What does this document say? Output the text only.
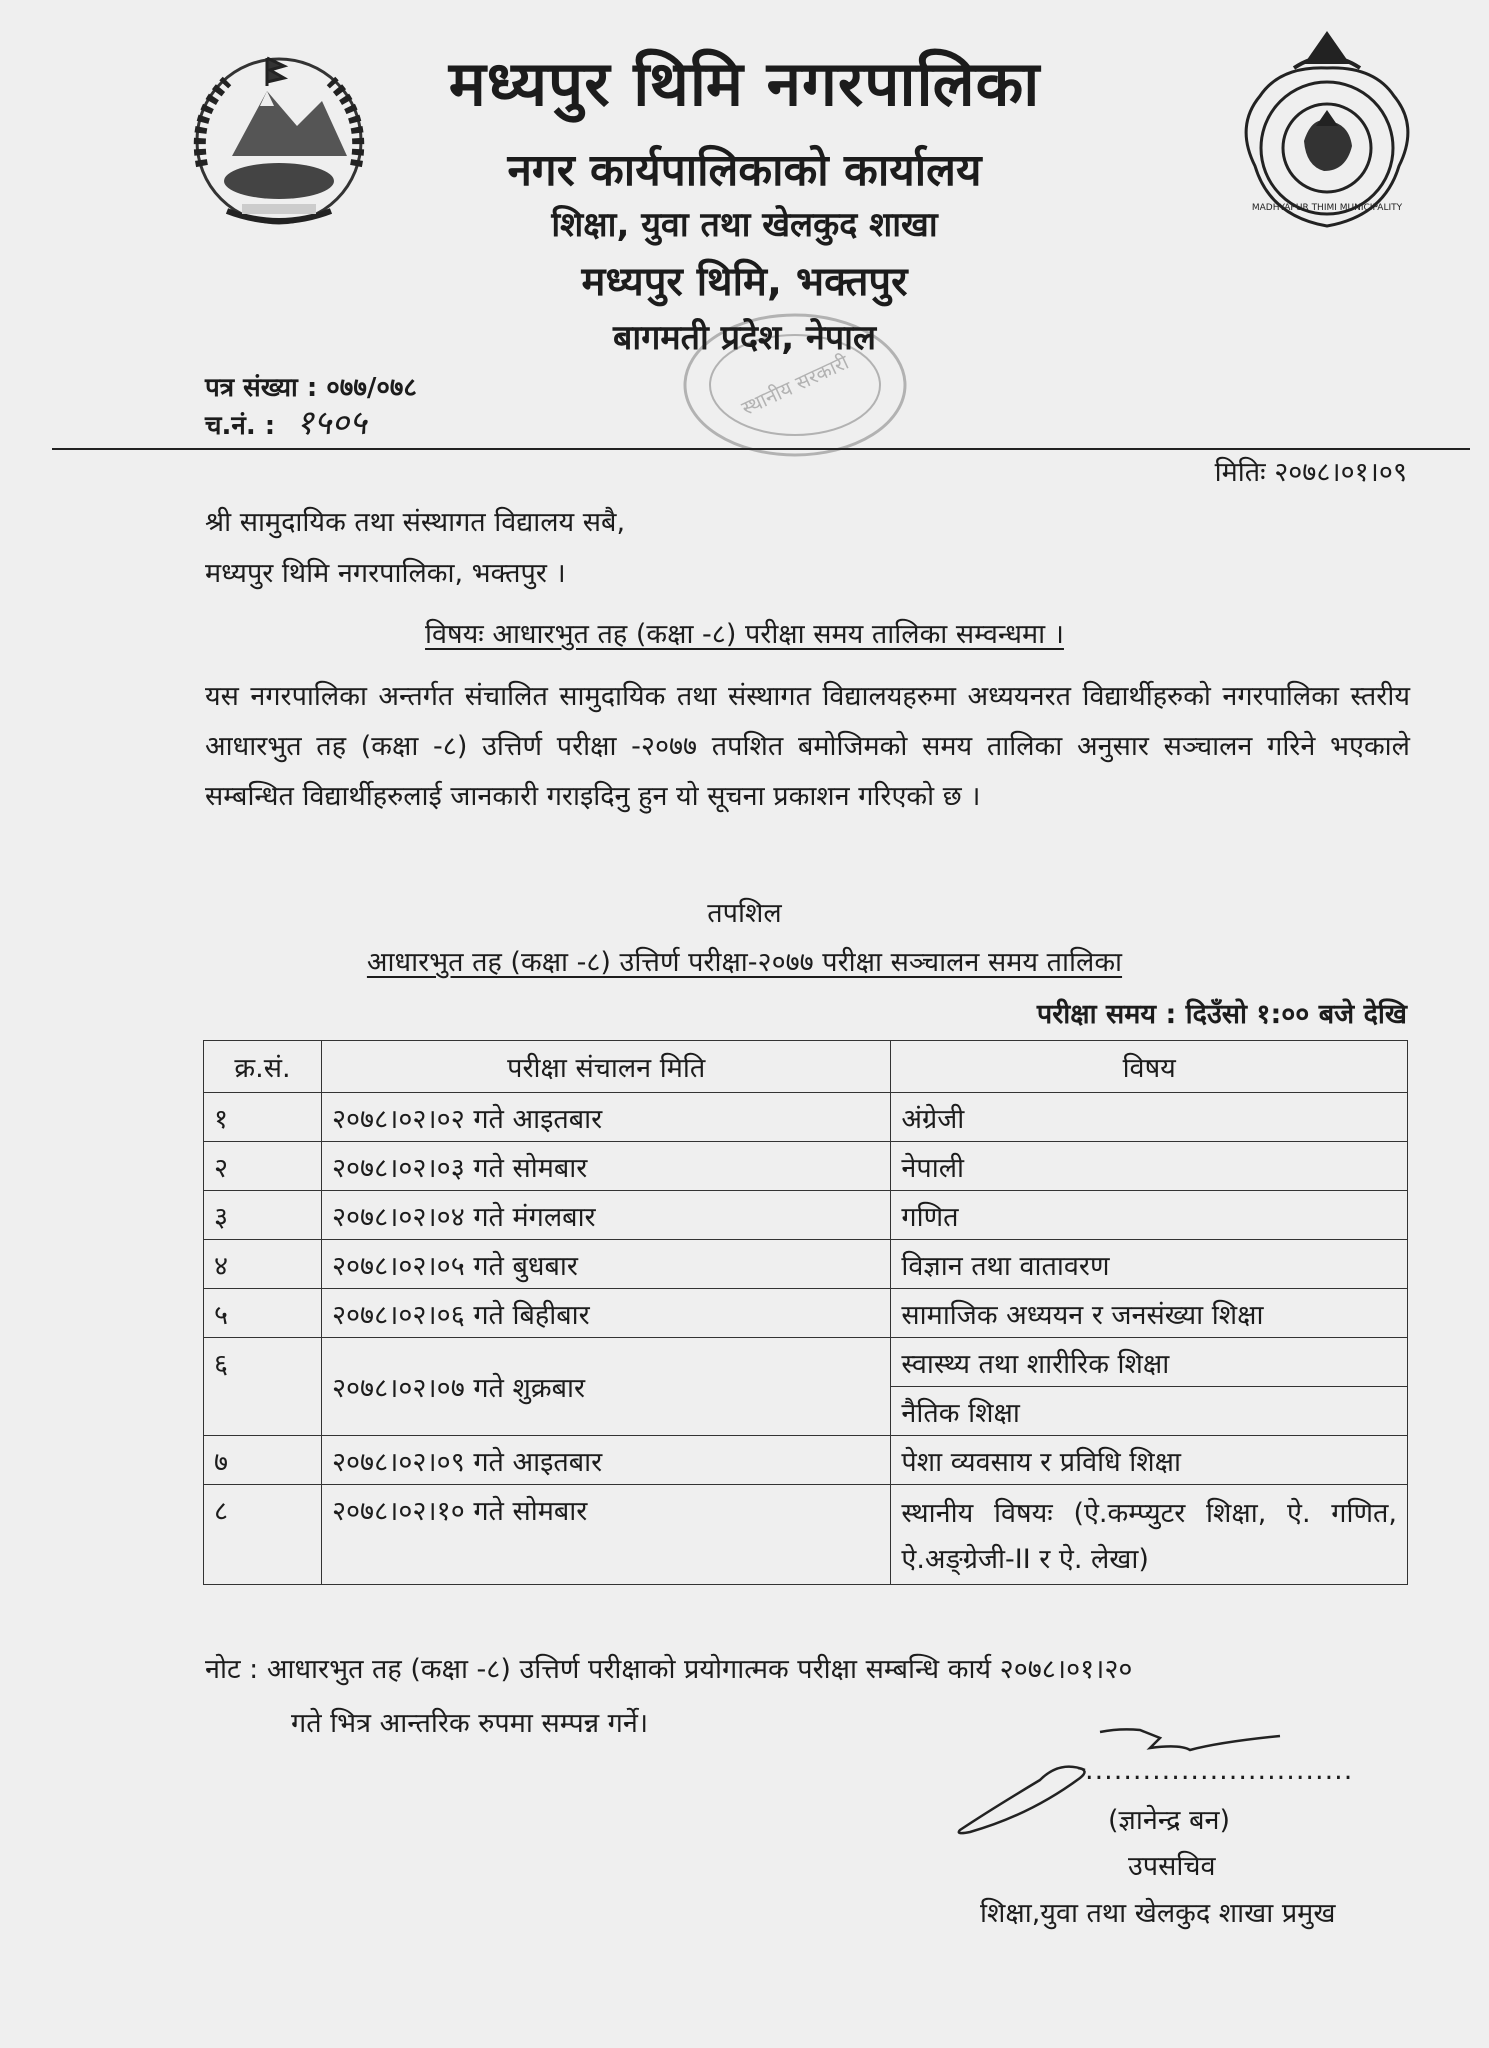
MADHYAPUR THIMI MUNICIPALITY
स्थानीय सरकारी
मध्यपुर थिमि नगरपालिका
नगर कार्यपालिकाको कार्यालय
शिक्षा, युवा तथा खेलकुद शाखा
मध्यपुर थिमि, भक्तपुर
बागमती प्रदेश, नेपाल
पत्र संख्या : ०७७/०७८
च.नं. : १५०५
मितिः २०७८।०१।०९
श्री सामुदायिक तथा संस्थागत विद्यालय सबै,
मध्यपुर थिमि नगरपालिका, भक्तपुर ।
विषयः आधारभुत तह (कक्षा -८) परीक्षा समय तालिका सम्वन्धमा ।
यस नगरपालिका अन्तर्गत संचालित सामुदायिक तथा संस्थागत विद्यालयहरुमा अध्ययनरत विद्यार्थीहरुको नगरपालिका स्तरीय आधारभुत तह (कक्षा -८) उत्तिर्ण परीक्षा -२०७७ तपशित बमोजिमको समय तालिका अनुसार सञ्चालन गरिने भएकाले सम्बन्धित विद्यार्थीहरुलाई जानकारी गराइदिनु हुन यो सूचना प्रकाशन गरिएको छ ।
तपशिल
आधारभुत तह (कक्षा -८) उत्तिर्ण परीक्षा-२०७७ परीक्षा सञ्चालन समय तालिका
परीक्षा समय : दिउँसो १:०० बजे देखि
क्र.सं.	परीक्षा संचालन मिति	विषय
१	२०७८।०२।०२ गते आइतबार	अंग्रेजी
२	२०७८।०२।०३ गते सोमबार	नेपाली
३	२०७८।०२।०४ गते मंगलबार	गणित
४	२०७८।०२।०५ गते बुधबार	विज्ञान तथा वातावरण
५	२०७८।०२।०६ गते बिहीबार	सामाजिक अध्ययन र जनसंख्या शिक्षा
६	२०७८।०२।०७ गते शुक्रबार	स्वास्थ्य तथा शारीरिक शिक्षा
		नैतिक शिक्षा
७	२०७८।०२।०९ गते आइतबार	पेशा व्यवसाय र प्रविधि शिक्षा
८	२०७८।०२।१० गते सोमबार	स्थानीय विषयः (ऐ.कम्प्युटर शिक्षा, ऐ. गणित, ऐ.अङ्ग्रेजी-II र ऐ. लेखा)
नोट : आधारभुत तह (कक्षा -८) उत्तिर्ण परीक्षाको प्रयोगात्मक परीक्षा सम्बन्धि कार्य २०७८।०१।२०
गते भित्र आन्तरिक रुपमा सम्पन्न गर्ने।
............................
(ज्ञानेन्द्र बन)
उपसचिव
शिक्षा,युवा तथा खेलकुद शाखा प्रमुख
